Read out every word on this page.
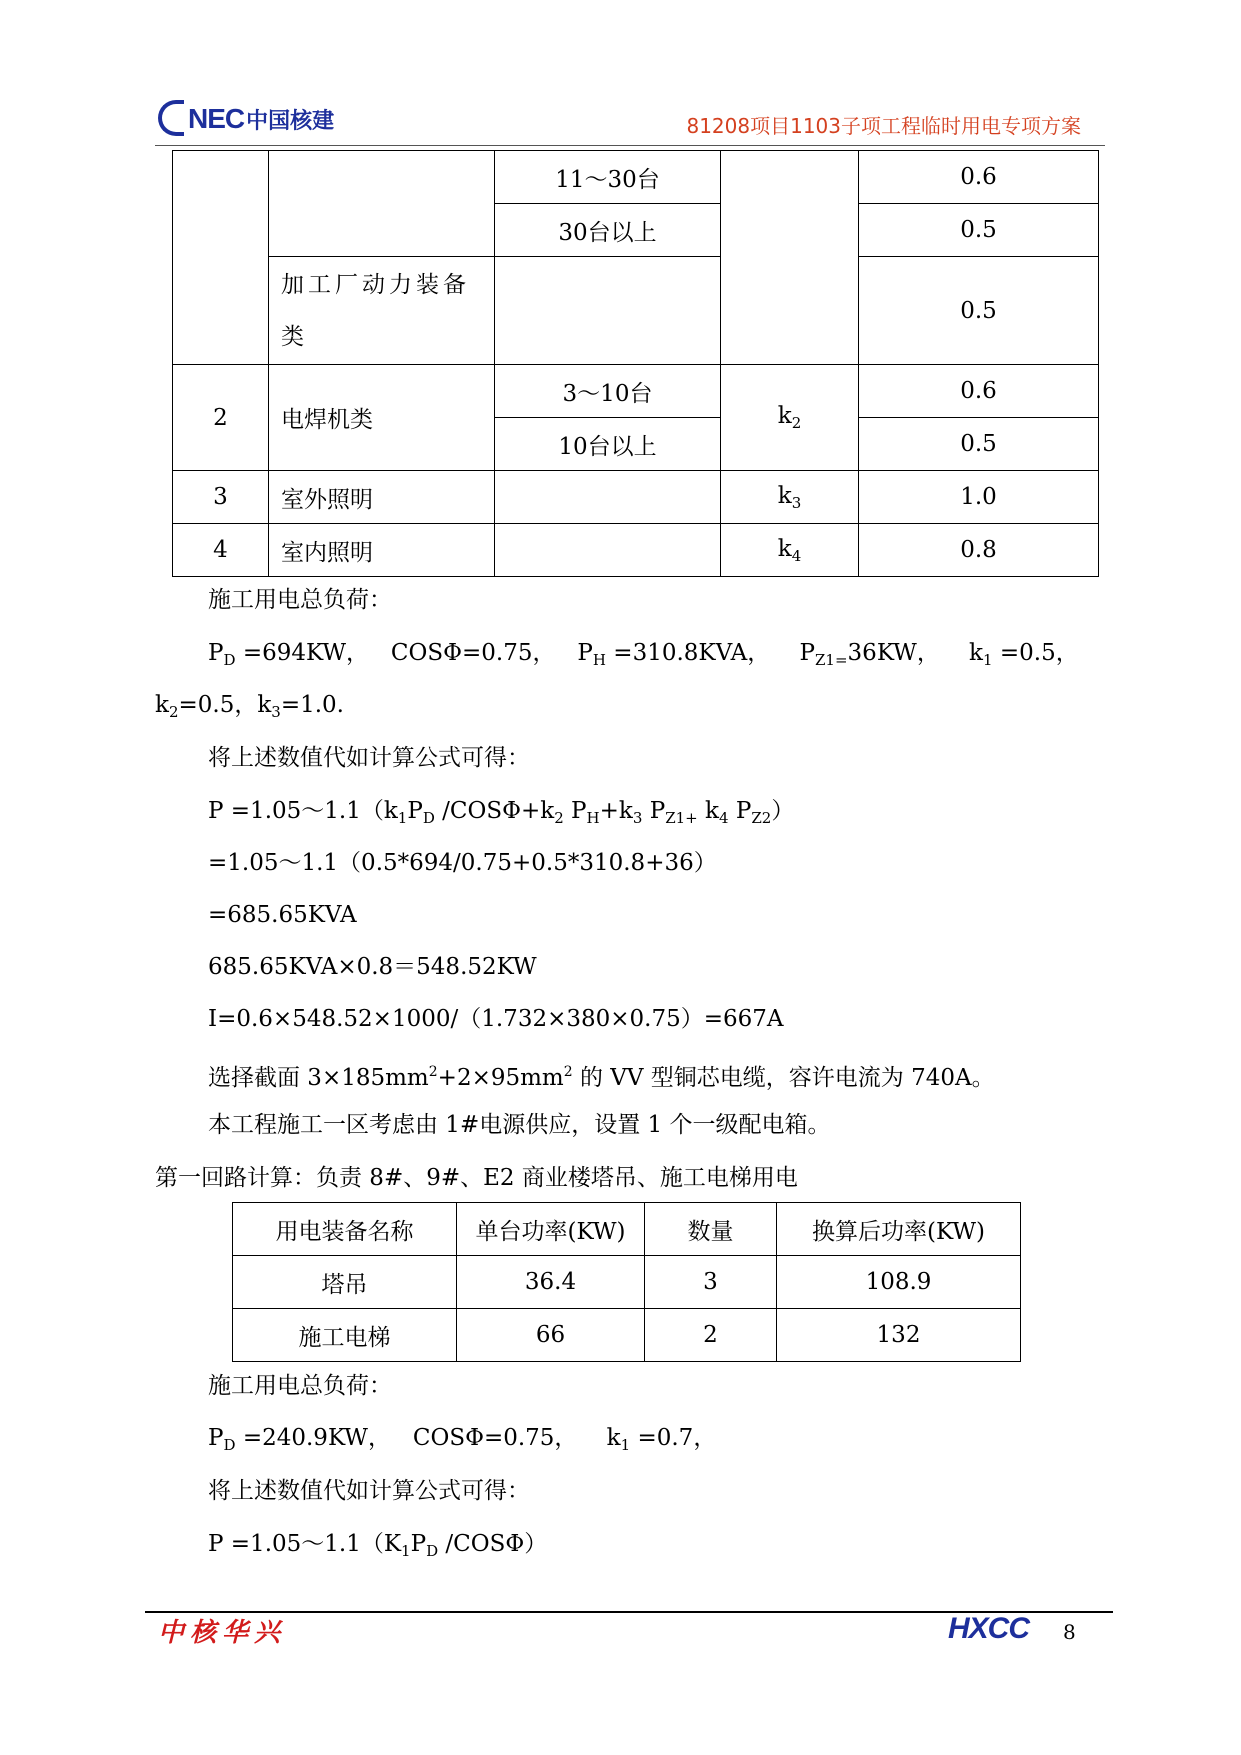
NEC 中国核建	81208项目1103子项工程临时用电专项方案
		11～30台		0.6
		30台以上		0.5
	加工厂动力装备类			0.5
2	电焊机类	3～10台	$k_2$	0.6
		10台以上		0.5
3	室外照明		$k_3$	1.0
4	室内照明		$k_4$	0.8
施工用电总负荷：
$P_D =694KW$，   COSΦ=0.75，   $P_H =310.8KVA$，    $P_{Z1=}36KW$，    $k_1 =0.5$，
$k_2=0.5$，$k_3=1.0$.
将上述数值代如计算公式可得：
$P =1.05\sim 1.1(k_1P_D$ $/COS\Phi+k_2$ $P_H+k_3$ $P_{Z1+}$ $k_4$ $P_{Z2}$）
=1.05～1.1（0.5*694/0.75+0.5*310.8+36）
=685.65KVA
685.65KVA×0.8＝548.52KW
I=0.6×548.52×1000/（1.732×380×0.75）=667A
选择截面 $3\times 185mm^2+2\times 95mm^2$ 的 VV 型铜芯电缆，容许电流为 740A。
本工程施工一区考虑由 1#电源供应，设置 1 个一级配电箱。
第一回路计算：负责 8#、9#、E2 商业楼塔吊、施工电梯用电
用电装备名称	单台功率(KW)	数量	换算后功率(KW)
塔吊	36.4	3	108.9
施工电梯	66	2	132
施工用电总负荷：
$P_D =240.9KW$，   COSΦ=0.75，    $k_1 =0.7$，
将上述数值代如计算公式可得：
$P =1.05\sim 1.1(K_1P_D$ /COSΦ）
中核华兴	HXCC 8
